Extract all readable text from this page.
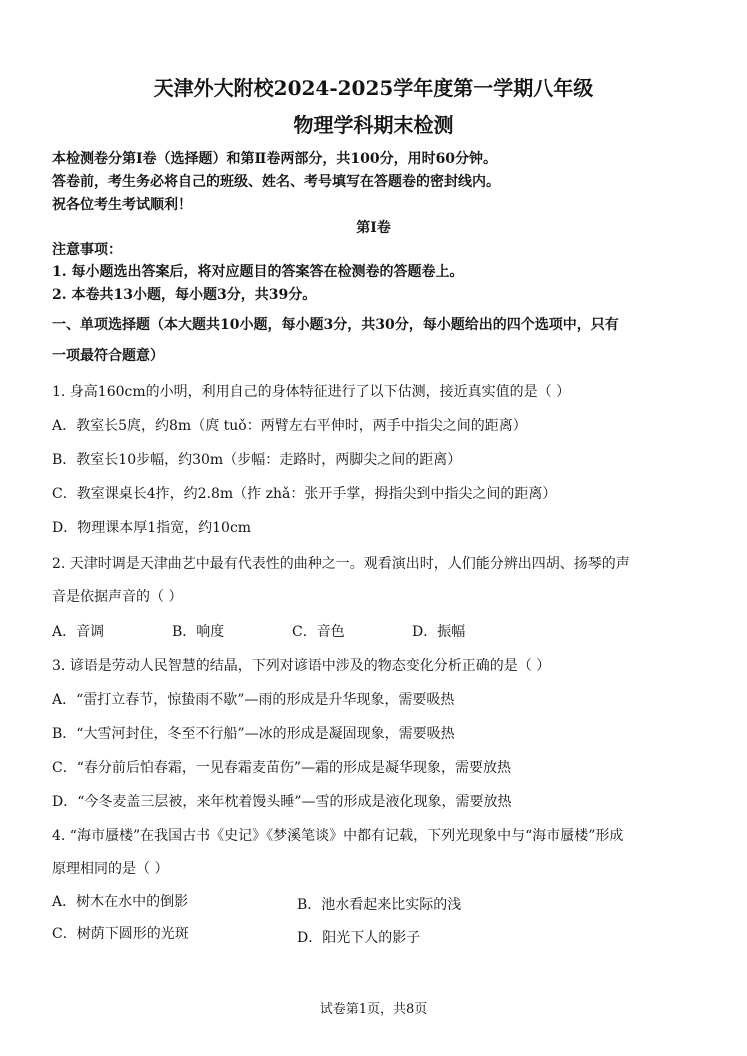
天津外大附校2024-2025学年度第一学期八年级
物理学科期末检测
本检测卷分第Ⅰ卷（选择题）和第Ⅱ卷两部分，共100分，用时60分钟。
答卷前，考生务必将自己的班级、姓名、考号填写在答题卷的密封线内。
祝各位考生考试顺利！
第Ⅰ卷
注意事项：
1. 每小题选出答案后，将对应题目的答案答在检测卷的答题卷上。
2. 本卷共13小题，每小题3分，共39分。
一、单项选择题（本大题共10小题，每小题3分，共30分，每小题给出的四个选项中，只有
一项最符合题意）
1. 身高160cm的小明，利用自己的身体特征进行了以下估测，接近真实值的是（ ）
A．教室长5庹，约8m（庹 tuǒ：两臂左右平伸时，两手中指尖之间的距离）
B．教室长10步幅，约30m（步幅：走路时，两脚尖之间的距离）
C．教室课桌长4拃，约2.8m（拃 zhǎ：张开手掌，拇指尖到中指尖之间的距离）
D．物理课本厚1指宽，约10cm
2. 天津时调是天津曲艺中最有代表性的曲种之一。观看演出时，人们能分辨出四胡、扬琴的声
音是依据声音的（ ）
A．音调	B．响度	C．音色	D．振幅
3. 谚语是劳动人民智慧的结晶，下列对谚语中涉及的物态变化分析正确的是（ ）
A．“雷打立春节，惊蛰雨不歇”—雨的形成是升华现象，需要吸热
B．“大雪河封住，冬至不行船”—冰的形成是凝固现象，需要吸热
C．“春分前后怕春霜，一见春霜麦苗伤”—霜的形成是凝华现象，需要放热
D．“今冬麦盖三层被，来年枕着馒头睡”—雪的形成是液化现象，需要放热
4. “海市蜃楼”在我国古书《史记》《梦溪笔谈》中都有记载，下列光现象中与“海市蜃楼”形成
原理相同的是（ ）
A．树木在水中的倒影	B．池水看起来比实际的浅
C．树荫下圆形的光斑	D．阳光下人的影子
试卷第1页，共8页
